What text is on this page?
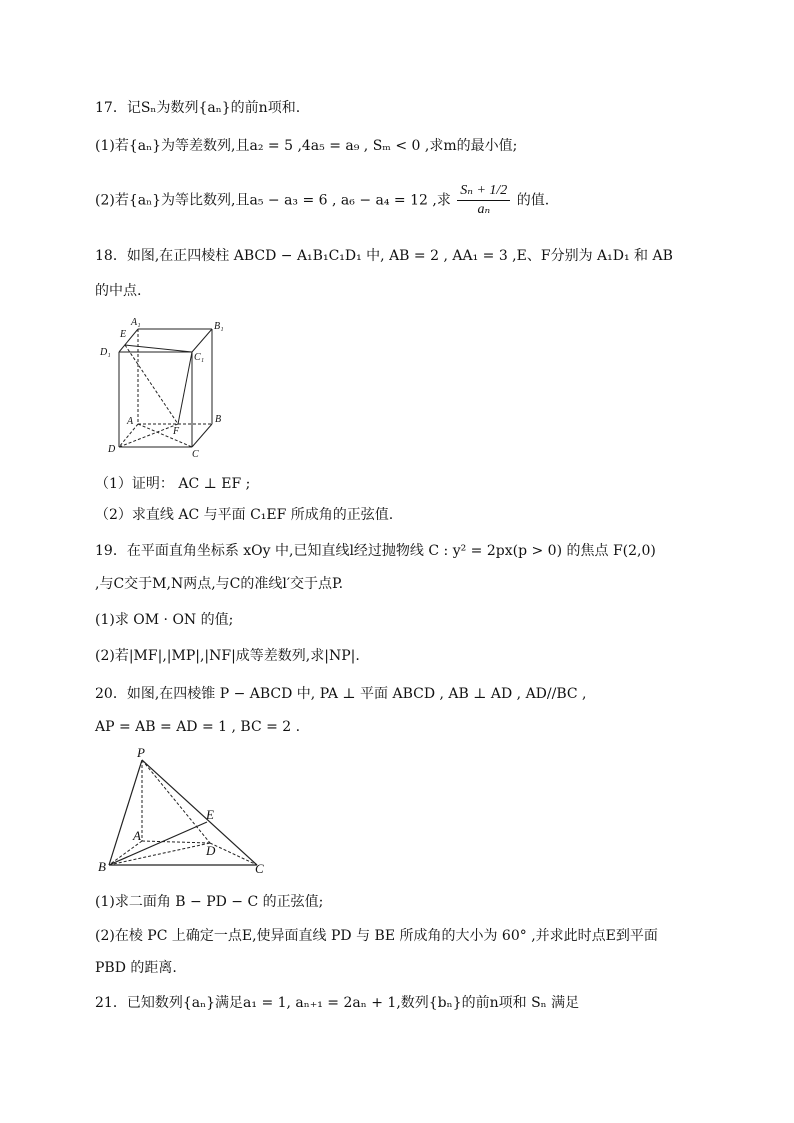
17．记Sₙ为数列{aₙ}的前n项和.
(1)若{aₙ}为等差数列,且a₂ = 5 ,4a₅ = a₉ , Sₘ < 0 ,求m的最小值;
(2)若{aₙ}为等比数列,且a₅ − a₃ = 6 , a₆ − a₄ = 12 ,求 $\frac{\text{Sₙ + 1/2}}{\text{aₙ}}$ 的值.
18．如图,在正四棱柱 ABCD − A₁B₁C₁D₁ 中, AB = 2 , AA₁ = 3 ,E、F分别为 A₁D₁ 和 AB
的中点.
A₁	B₁
E
D₁	C₁
A	B
F
D	C
（1）证明： AC ⊥ EF ;
（2）求直线 AC 与平面 C₁EF 所成角的正弦值.
19．在平面直角坐标系 xOy 中,已知直线l经过抛物线 C : y² = 2px(p > 0) 的焦点 F(2,0)
,与C交于M,N两点,与C的准线l′交于点P.
(1)求 OM · ON 的值;
(2)若|MF|,|MP|,|NF|成等差数列,求|NP|.
20．如图,在四棱锥 P − ABCD 中, PA ⊥ 平面 ABCD , AB ⊥ AD , AD//BC ,
AP = AB = AD = 1 , BC = 2 .
P
E
A
D
B	C
(1)求二面角 B − PD − C 的正弦值;
(2)在棱 PC 上确定一点E,使异面直线 PD 与 BE 所成角的大小为 60° ,并求此时点E到平面
PBD 的距离.
21．已知数列{aₙ}满足a₁ = 1, aₙ₊₁ = 2aₙ + 1,数列{bₙ}的前n项和 Sₙ 满足
